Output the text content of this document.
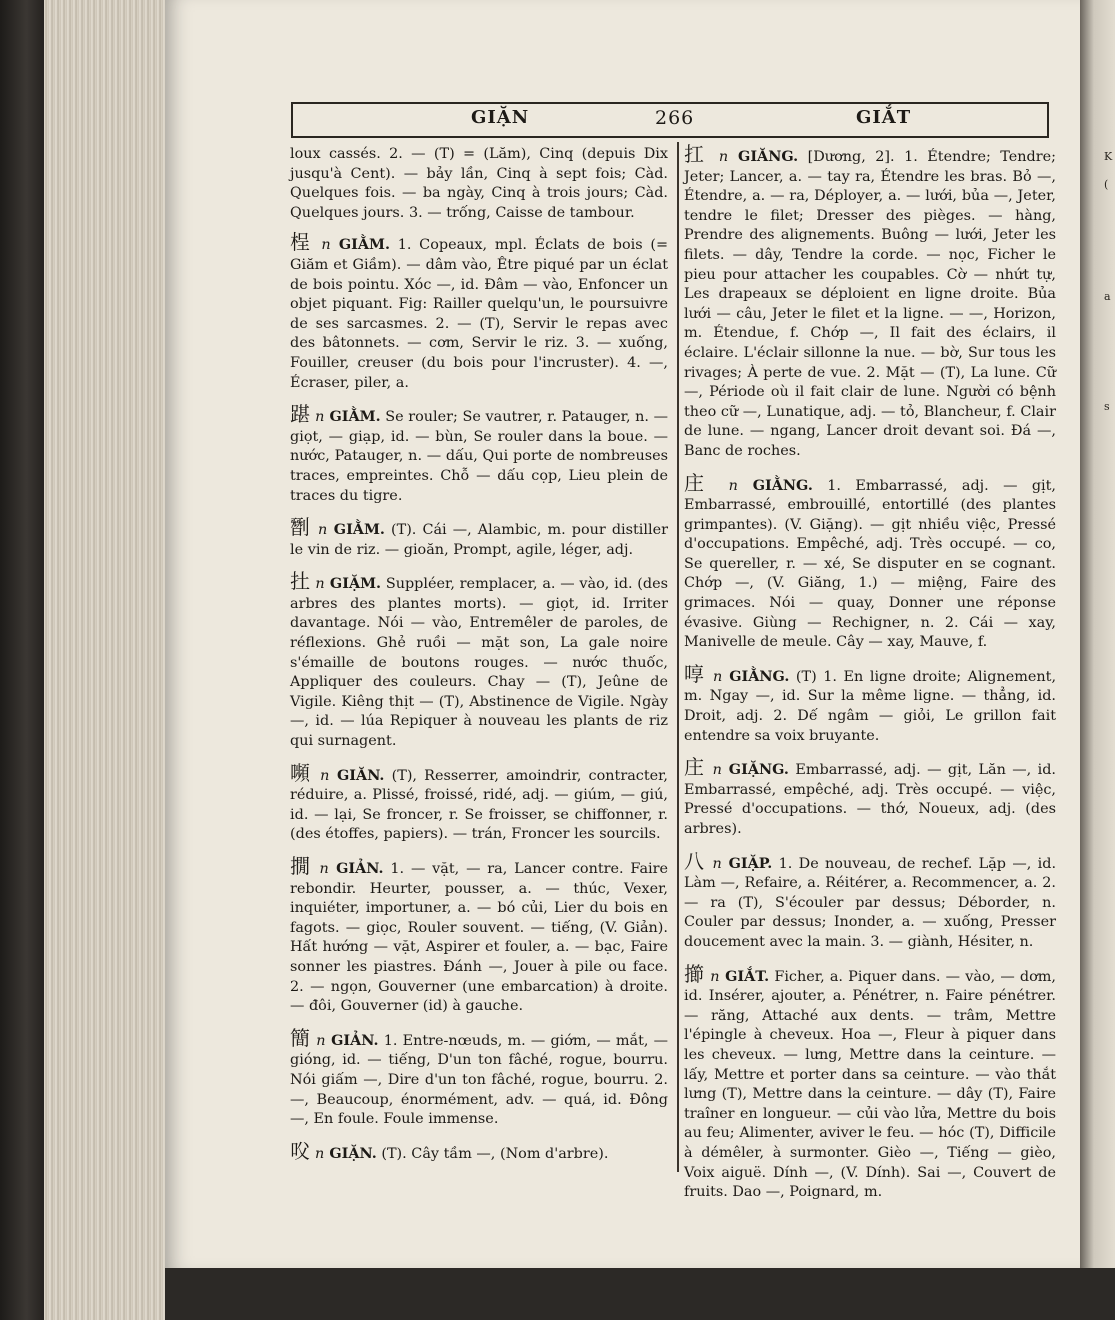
K
(
a
s
GIẶN	266	GIẮT

loux cassés. 2. — (T) = (Lăm), Cinq (depuis Dix jusqu'à Cent). — bảy lần, Cinq à sept fois; Càd. Quelques fois. — ba ngày, Cinq à trois jours; Càd. Quelques jours. 3. — trống, Caisse de tambour.

桯 n GIẰM. 1. Copeaux, mpl. Éclats de bois (= Giăm et Giầm). — dâm vào, Être piqué par un éclat de bois pointu. Xóc —, id. Đâm — vào, Enfoncer un objet piquant. Fig: Railler quelqu'un, le poursuivre de ses sarcasmes. 2. — (T), Servir le repas avec des bâtonnets. — cơm, Servir le riz. 3. — xuống, Fouiller, creuser (du bois pour l'incruster). 4. —, Écraser, piler, a.

踸 n GIẰM. Se rouler; Se vautrer, r. Patauger, n. — giọt, — giạp, id. — bùn, Se rouler dans la boue. — nước, Patauger, n. — dấu, Qui porte de nombreuses traces, empreintes. Chỗ — dấu cọp, Lieu plein de traces du tigre.

㔆 n GIẰM. (T). Cái —, Alambic, m. pour distiller le vin de riz. — gioăn, Prompt, agile, léger, adj.

扗 n GIẶM. Suppléer, remplacer, a. — vào, id. (des arbres des plantes morts). — giọt, id. Irriter davantage. Nói — vào, Entremêler de paroles, de réflexions. Ghẻ ruồi — mặt son, La gale noire s'émaille de boutons rouges. — nước thuốc, Appliquer des couleurs. Chay — (T), Jeûne de Vigile. Kiêng thịt — (T), Abstinence de Vigile. Ngày —, id. — lúa Repiquer à nouveau les plants de riz qui surnagent.

嚬 n GIĂN. (T), Resserrer, amoindrir, contracter, réduire, a. Plissé, froissé, ridé, adj. — giúm, — giú, id. — lại, Se froncer, r. Se froisser, se chiffonner, r. (des étoffes, papiers). — trán, Froncer les sourcils.

撊 n GIẢN. 1. — vặt, — ra, Lancer contre. Faire rebondir. Heurter, pousser, a. — thúc, Vexer, inquiéter, importuner, a. — bó củi, Lier du bois en fagots. — giọc, Rouler souvent. — tiếng, (V. Giản). Hất hướng — vặt, Aspirer et fouler, a. — bạc, Faire sonner les piastres. Đánh —, Jouer à pile ou face. 2. — ngọn, Gouverner (une embarcation) à droite. — đôi, Gouverner (id) à gauche.

簡 n GIẢN. 1. Entre-nœuds, m. — giớm, — mắt, — gióng, id. — tiếng, D'un ton fâché, rogue, bourru. Nói giấm —, Dire d'un ton fâché, rogue, bourru. 2. —, Beaucoup, énormément, adv. — quá, id. Đông —, En foule. Foule immense.

㕮 n GIẶN. (T). Cây tầm —, (Nom d'arbre).

扛 n GIĂNG. [Dương, 2]. 1. Étendre; Tendre; Jeter; Lancer, a. — tay ra, Étendre les bras. Bỏ —, Étendre, a. — ra, Déployer, a. — lưới, bủa —, Jeter, tendre le filet; Dresser des pièges. — hàng, Prendre des alignements. Buông — lưới, Jeter les filets. — dây, Tendre la corde. — nọc, Ficher le pieu pour attacher les coupables. Cờ — nhứt tự, Les drapeaux se déploient en ligne droite. Bủa lưới — câu, Jeter le filet et la ligne. — —, Horizon, m. Étendue, f. Chớp —, Il fait des éclairs, il éclaire. L'éclair sillonne la nue. — bờ, Sur tous les rivages; À perte de vue. 2. Mặt — (T), La lune. Cữ —, Période où il fait clair de lune. Người có bệnh theo cữ —, Lunatique, adj. — tỏ, Blancheur, f. Clair de lune. — ngang, Lancer droit devant soi. Đá —, Banc de roches.

庄 n GIẰNG. 1. Embarrassé, adj. — gịt, Embarrassé, embrouillé, entortillé (des plantes grimpantes). (V. Giặng). — gịt nhiều việc, Pressé d'occupations. Empêché, adj. Très occupé. — co, Se quereller, r. — xé, Se disputer en se cognant. Chớp —, (V. Giăng, 1.) — miệng, Faire des grimaces. Nói — quay, Donner une réponse évasive. Giùng — Rechigner, n. 2. Cái — xay, Manivelle de meule. Cây — xay, Mauve, f.

啍 n GIẰNG. (T) 1. En ligne droite; Alignement, m. Ngay —, id. Sur la même ligne. — thẳng, id. Droit, adj. 2. Dế ngâm — giỏi, Le grillon fait entendre sa voix bruyante.

庄 n GIẶNG. Embarrassé, adj. — gịt, Lăn —, id. Embarrassé, empêché, adj. Très occupé. — việc, Pressé d'occupations. — thớ, Noueux, adj. (des arbres).

八 n GIẶP. 1. De nouveau, de rechef. Lặp —, id. Làm —, Refaire, a. Réitérer, a. Recommencer, a. 2. — ra (T), S'écouler par dessus; Déborder, n. Couler par dessus; Inonder, a. — xuống, Presser doucement avec la main. 3. — giành, Hésiter, n.

擳 n GIẮT. Ficher, a. Piquer dans. — vào, — dơm, id. Insérer, ajouter, a. Pénétrer, n. Faire pénétrer. — răng, Attaché aux dents. — trâm, Mettre l'épingle à cheveux. Hoa —, Fleur à piquer dans les cheveux. — lưng, Mettre dans la ceinture. — lấy, Mettre et porter dans sa ceinture. — vào thắt lưng (T), Mettre dans la ceinture. — dây (T), Faire traîner en longueur. — củi vào lửa, Mettre du bois au feu; Alimenter, aviver le feu. — hóc (T), Difficile à démêler, à surmonter. Gièo —, Tiếng — gièo, Voix aiguë. Dính —, (V. Dính). Sai —, Couvert de fruits. Dao —, Poignard, m.
